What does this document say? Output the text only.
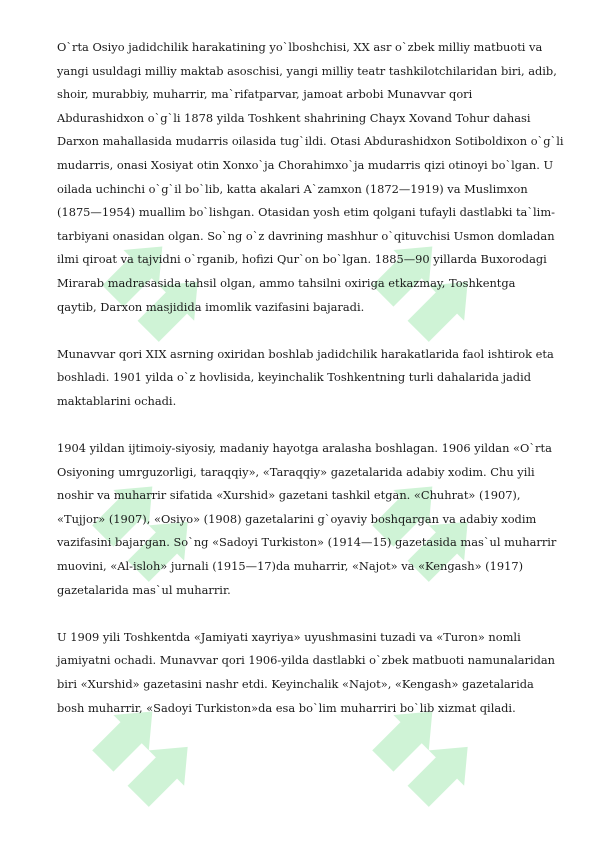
O`rta Osiyo jadidchilik harakatining yo`lboshchisi, XX asr o`zbek milliy matbuoti va
yangi usuldagi milliy maktab asoschisi, yangi milliy teatr tashkilotchilaridan biri, adib,
shoir, murabbiy, muharrir, ma`rifatparvar, jamoat arbobi Munavvar qori
Abdurashidxon o`g`li 1878 yilda Toshkent shahrining Chayx Xovand Tohur dahasi
Darxon mahallasida mudarris oilasida tug`ildi. Otasi Abdurashidxon Sotiboldixon o`g`li
mudarris, onasi Xosiyat otin Xonxo`ja Chorahimxo`ja mudarris qizi otinoyi bo`lgan. U
oilada uchinchi o`g`il bo`lib, katta akalari A`zamxon (1872—1919) va Muslimxon
(1875—1954) muallim bo`lishgan. Otasidan yosh etim qolgani tufayli dastlabki ta`lim-
tarbiyani onasidan olgan. So`ng o`z davrining mashhur o`qituvchisi Usmon domladan
ilmi qiroat va tajvidni o`rganib, hofizi Qur`on bo`lgan. 1885—90 yillarda Buxorodagi
Mirarab madrasasida tahsil olgan, ammo tahsilni oxiriga etkazmay, Toshkentga
qaytib, Darxon masjidida imomlik vazifasini bajaradi.

Munavvar qori XIX asrning oxiridan boshlab jadidchilik harakatlarida faol ishtirok eta
boshladi. 1901 yilda o`z hovlisida, keyinchalik Toshkentning turli dahalarida jadid
maktablarini ochadi.

1904 yildan ijtimoiy-siyosiy, madaniy hayotga aralasha boshlagan. 1906 yildan «O`rta
Osiyoning umrguzorligi, taraqqiy», «Taraqqiy» gazetalarida adabiy xodim. Chu yili
noshir va muharrir sifatida «Xurshid» gazetani tashkil etgan. «Chuhrat» (1907),
«Tujjor» (1907), «Osiyo» (1908) gazetalarini g`oyaviy boshqargan va adabiy xodim
vazifasini bajargan. So`ng «Sadoyi Turkiston» (1914—15) gazetasida mas`ul muharrir
muovini, «Al-isloh» jurnali (1915—17)da muharrir, «Najot» va «Kengash» (1917)
gazetalarida mas`ul muharrir.

U 1909 yili Toshkentda «Jamiyati xayriya» uyushmasini tuzadi va «Turon» nomli
jamiyatni ochadi. Munavvar qori 1906-yilda dastlabki o`zbek matbuoti namunalaridan
biri «Xurshid» gazetasini nashr etdi. Keyinchalik «Najot», «Kengash» gazetalarida
bosh muharrir, «Sadoyi Turkiston»da esa bo`lim muharriri bo`lib xizmat qiladi.
